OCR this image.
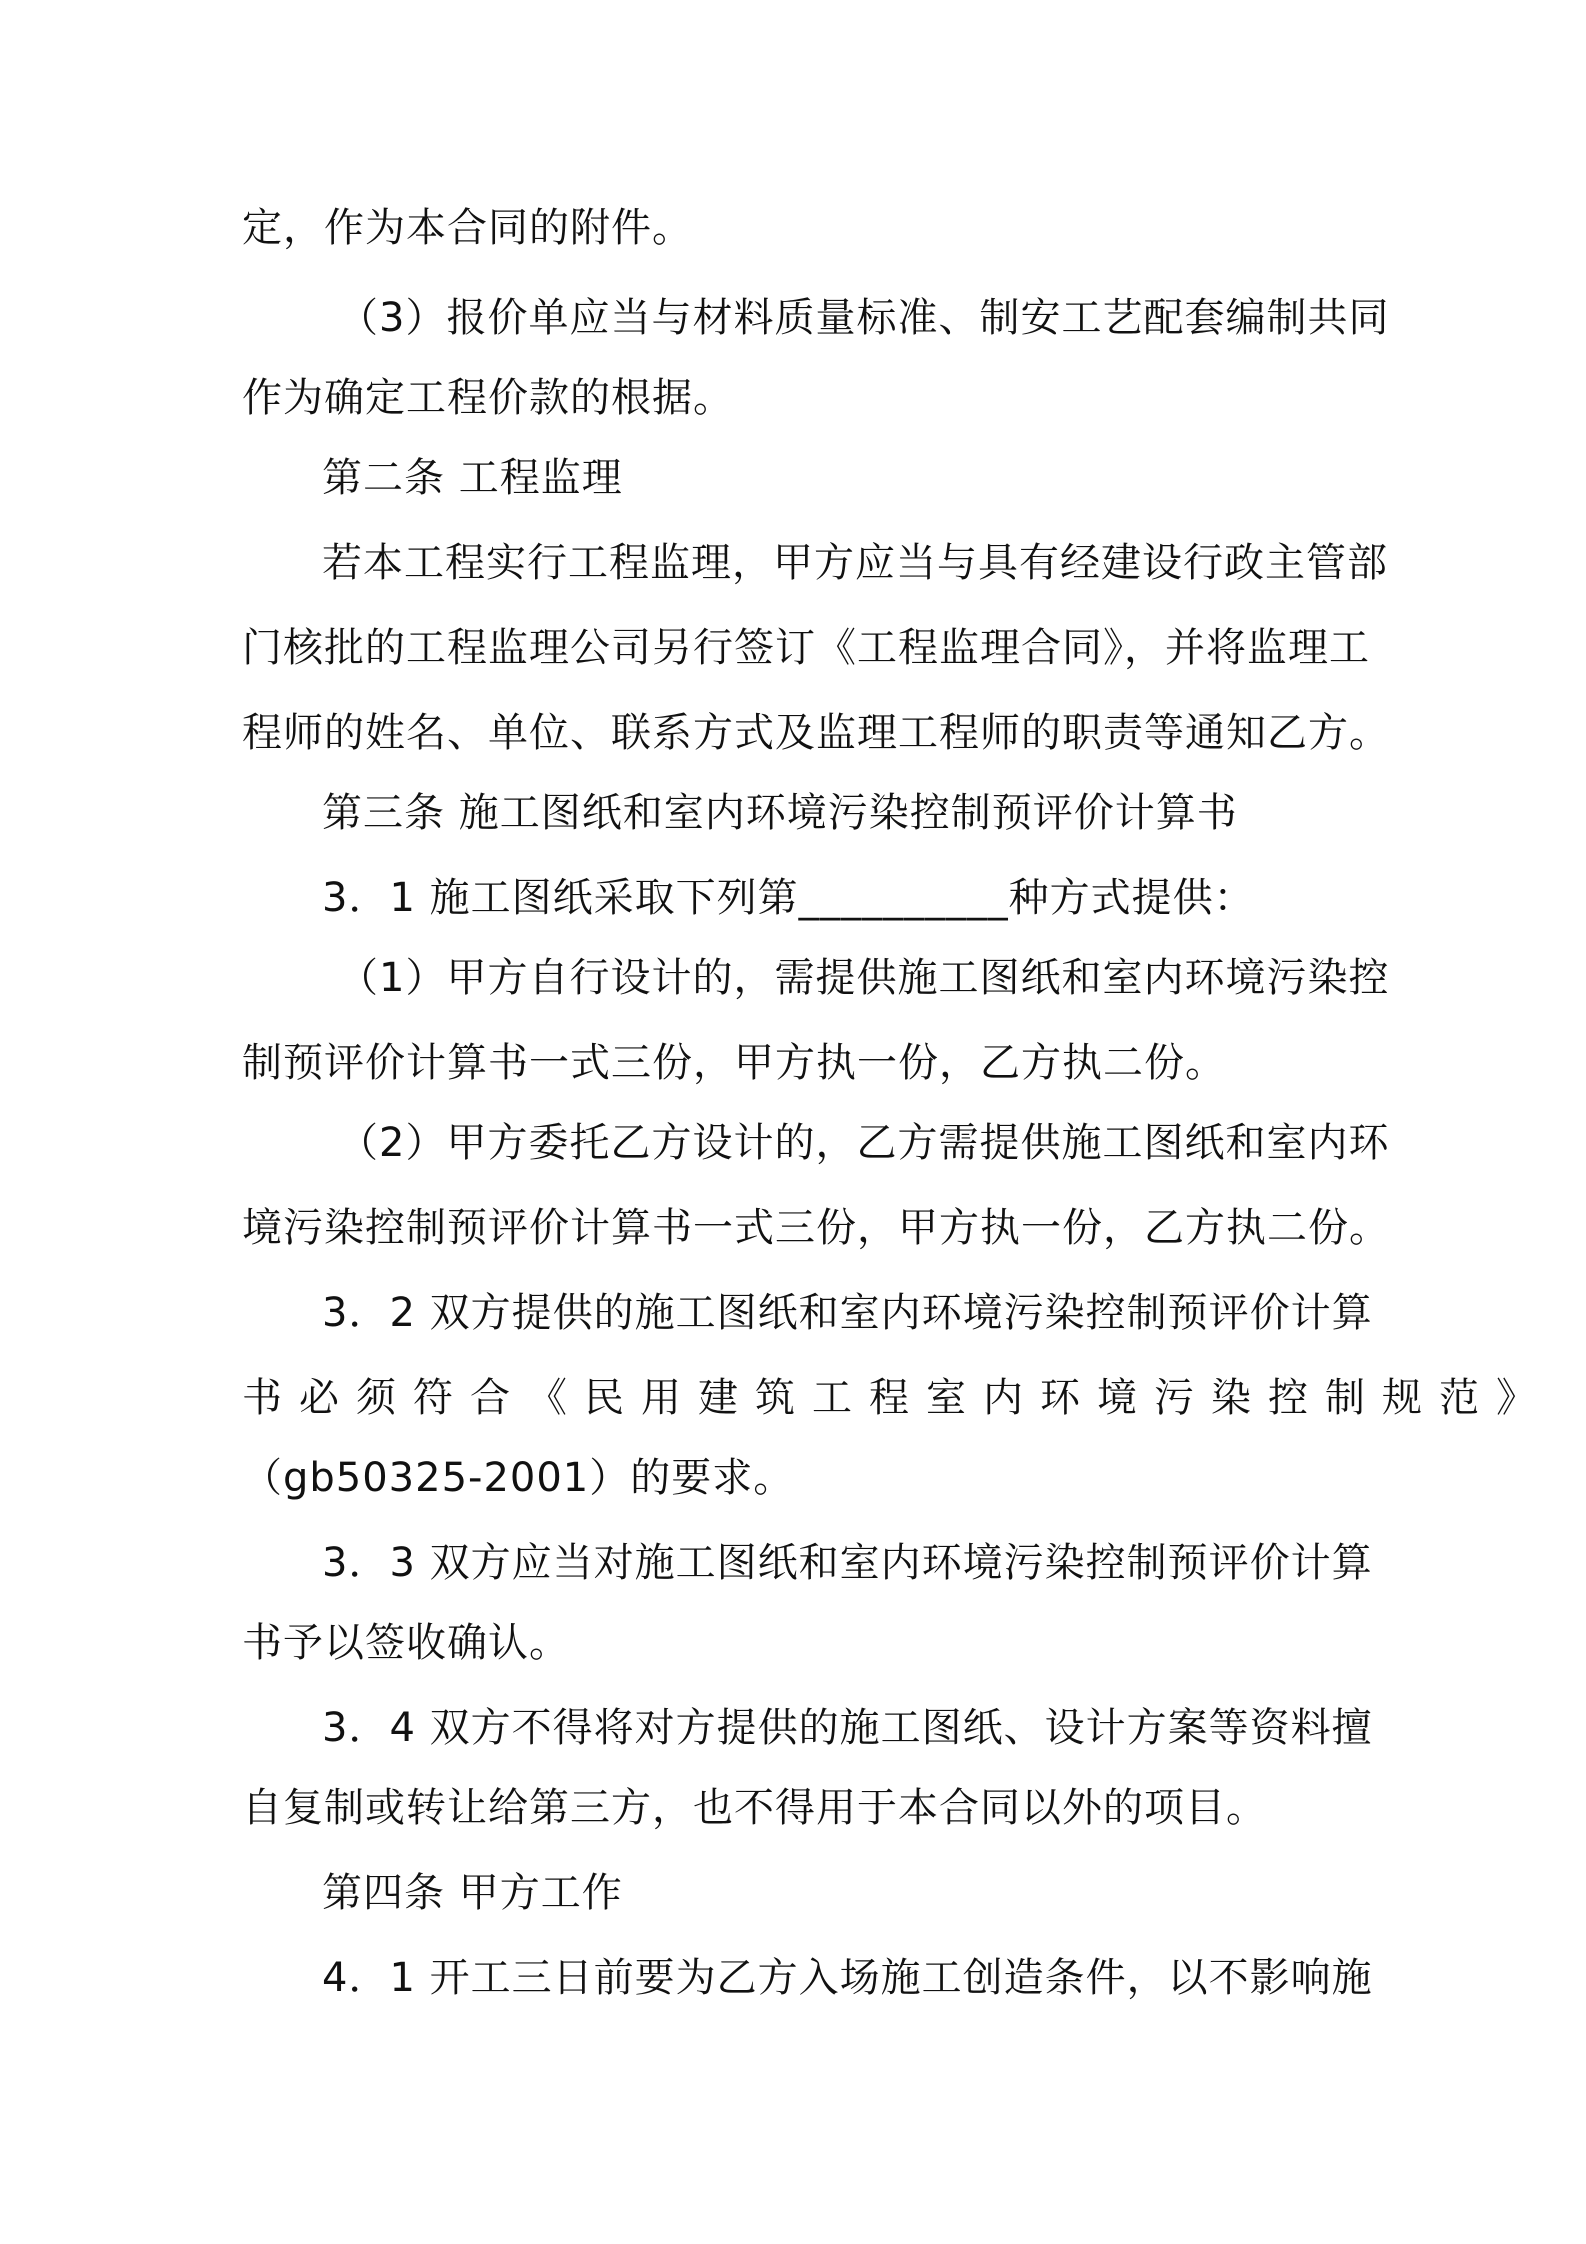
定，作为本合同的附件。
（3）报价单应当与材料质量标准、制安工艺配套编制共同
作为确定工程价款的根据。
第二条 工程监理
若本工程实行工程监理，甲方应当与具有经建设行政主管部
门核批的工程监理公司另行签订《工程监理合同》，并将监理工
程师的姓名、单位、联系方式及监理工程师的职责等通知乙方。
第三条 施工图纸和室内环境污染控制预评价计算书
3．1 施工图纸采取下列第__________种方式提供：
（1）甲方自行设计的，需提供施工图纸和室内环境污染控
制预评价计算书一式三份，甲方执一份，乙方执二份。
（2）甲方委托乙方设计的，乙方需提供施工图纸和室内环
境污染控制预评价计算书一式三份，甲方执一份，乙方执二份。
3．2 双方提供的施工图纸和室内环境污染控制预评价计算
书必须符合《民用建筑工程室内环境污染控制规范》
（gb50325-2001）的要求。
3．3 双方应当对施工图纸和室内环境污染控制预评价计算
书予以签收确认。
3．4 双方不得将对方提供的施工图纸、设计方案等资料擅
自复制或转让给第三方，也不得用于本合同以外的项目。
第四条 甲方工作
4．1 开工三日前要为乙方入场施工创造条件，以不影响施
